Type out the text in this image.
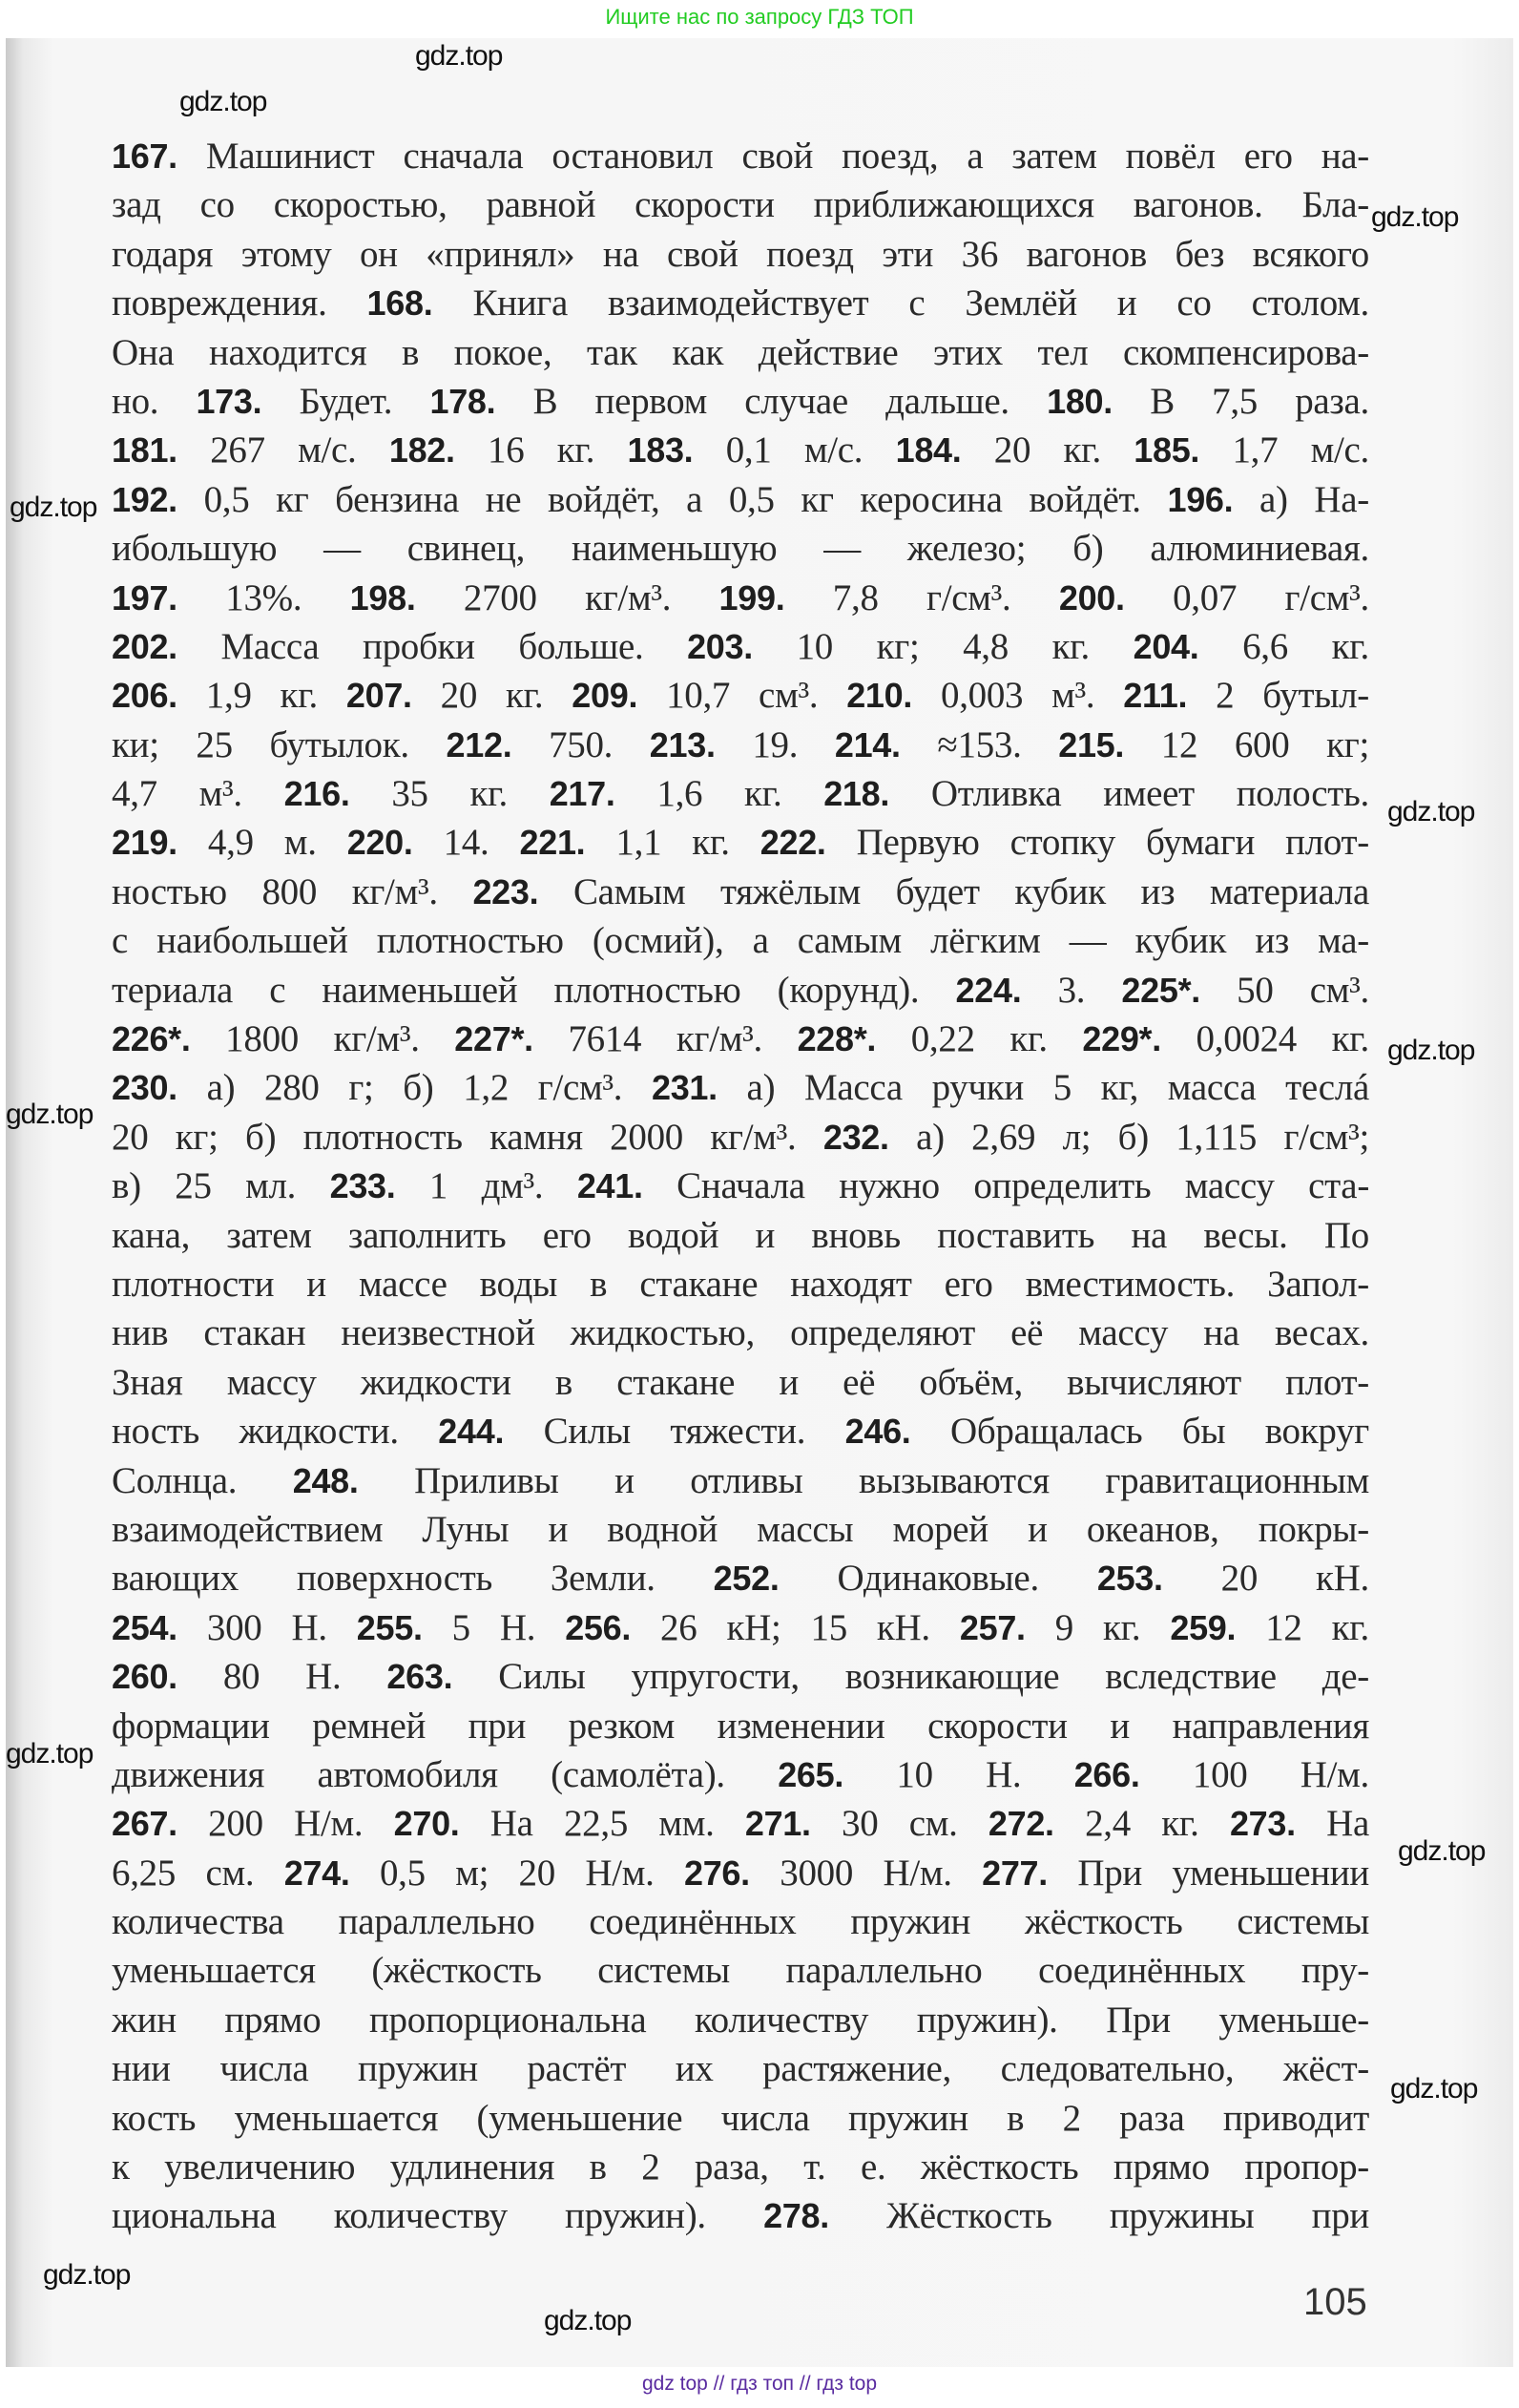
Ищите нас по запросу ГДЗ ТОП
167. Машинист сначала остановил свой поезд, а затем повёл его на-
зад со скоростью, равной скорости приближающихся вагонов. Бла-
годаря этому он «принял» на свой поезд эти 36 вагонов без всякого
повреждения. 168. Книга взаимодействует с Землёй и со столом.
Она находится в покое, так как действие этих тел скомпенсирова-
но. 173. Будет. 178. В первом случае дальше. 180. В 7,5 раза.
181. 267 м/с. 182. 16 кг. 183. 0,1 м/с. 184. 20 кг. 185. 1,7 м/с.
192. 0,5 кг бензина не войдёт, а 0,5 кг керосина войдёт. 196. а) На-
ибольшую — свинец, наименьшую — железо; б) алюминиевая.
197. 13%. 198. 2700 кг/м³. 199. 7,8 г/см³. 200. 0,07 г/см³.
202. Масса пробки больше. 203. 10 кг; 4,8 кг. 204. 6,6 кг.
206. 1,9 кг. 207. 20 кг. 209. 10,7 см³. 210. 0,003 м³. 211. 2 бутыл-
ки; 25 бутылок. 212. 750. 213. 19. 214. ≈153. 215. 12 600 кг;
4,7 м³. 216. 35 кг. 217. 1,6 кг. 218. Отливка имеет полость.
219. 4,9 м. 220. 14. 221. 1,1 кг. 222. Первую стопку бумаги плот-
ностью 800 кг/м³. 223. Самым тяжёлым будет кубик из материала
с наибольшей плотностью (осмий), а самым лёгким — кубик из ма-
териала с наименьшей плотностью (корунд). 224. 3. 225*. 50 см³.
226*. 1800 кг/м³. 227*. 7614 кг/м³. 228*. 0,22 кг. 229*. 0,0024 кг.
230. а) 280 г; б) 1,2 г/см³. 231. а) Масса ручки 5 кг, масса теслá
20 кг; б) плотность камня 2000 кг/м³. 232. а) 2,69 л; б) 1,115 г/см³;
в) 25 мл. 233. 1 дм³. 241. Сначала нужно определить массу ста-
кана, затем заполнить его водой и вновь поставить на весы. По
плотности и массе воды в стакане находят его вместимость. Запол-
нив стакан неизвестной жидкостью, определяют её массу на весах.
Зная массу жидкости в стакане и её объём, вычисляют плот-
ность жидкости. 244. Силы тяжести. 246. Обращалась бы вокруг
Солнца. 248. Приливы и отливы вызываются гравитационным
взаимодействием Луны и водной массы морей и океанов, покры-
вающих поверхность Земли. 252. Одинаковые. 253. 20 кН.
254. 300 Н. 255. 5 Н. 256. 26 кН; 15 кН. 257. 9 кг. 259. 12 кг.
260. 80 Н. 263. Силы упругости, возникающие вследствие де-
формации ремней при резком изменении скорости и направления
движения автомобиля (самолёта). 265. 10 Н. 266. 100 Н/м.
267. 200 Н/м. 270. На 22,5 мм. 271. 30 см. 272. 2,4 кг. 273. На
6,25 см. 274. 0,5 м; 20 Н/м. 276. 3000 Н/м. 277. При уменьшении
количества параллельно соединённых пружин жёсткость системы
уменьшается (жёсткость системы параллельно соединённых пру-
жин прямо пропорциональна количеству пружин). При уменьше-
нии числа пружин растёт их растяжение, следовательно, жёст-
кость уменьшается (уменьшение числа пружин в 2 раза приводит
к увеличению удлинения в 2 раза, т. е. жёсткость прямо пропор-
циональна количеству пружин). 278. Жёсткость пружины при
105
gdz.top
gdz.top
gdz.top
gdz.top
gdz.top
gdz.top
gdz.top
gdz.top
gdz.top
gdz.top
gdz.top
gdz.top
gdz top // гдз топ // гдз top
